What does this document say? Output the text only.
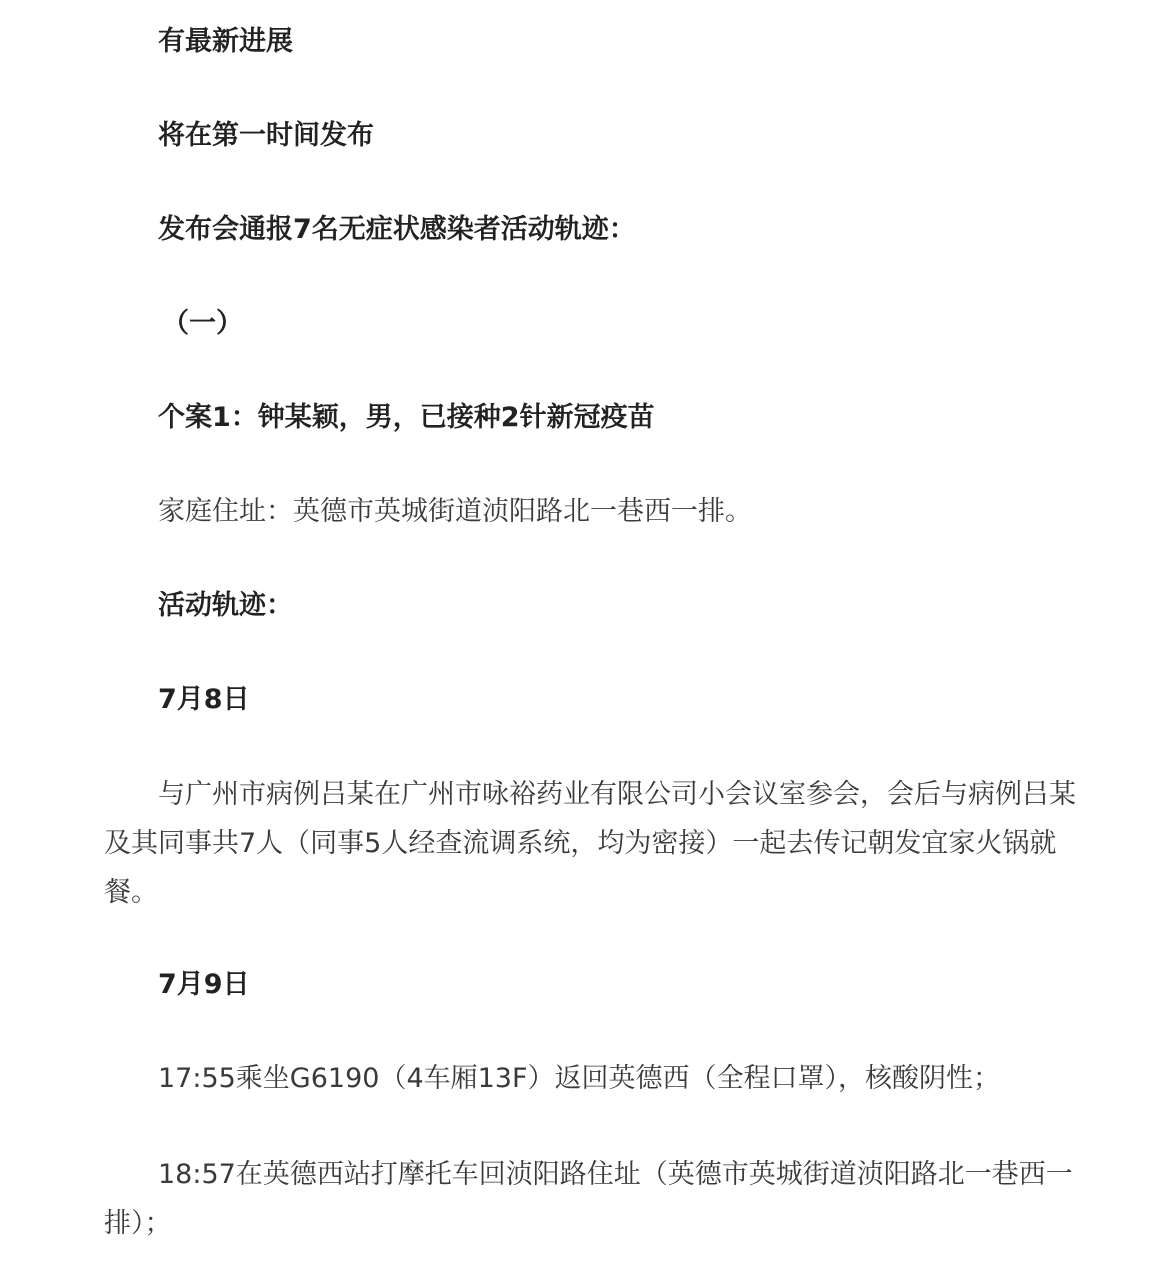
有最新进展

将在第一时间发布

发布会通报7名无症状感染者活动轨迹：

（一）

个案1：钟某颖，男，已接种2针新冠疫苗

家庭住址：英德市英城街道浈阳路北一巷西一排。

活动轨迹：

7月8日

与广州市病例吕某在广州市咏裕药业有限公司小会议室参会，会后与病例吕某及其同事共7人（同事5人经查流调系统，均为密接）一起去传记朝发宜家火锅就餐。

7月9日

17:55乘坐G6190（4车厢13F）返回英德西（全程口罩），核酸阴性；

18:57在英德西站打摩托车回浈阳路住址（英德市英城街道浈阳路北一巷西一排）；
